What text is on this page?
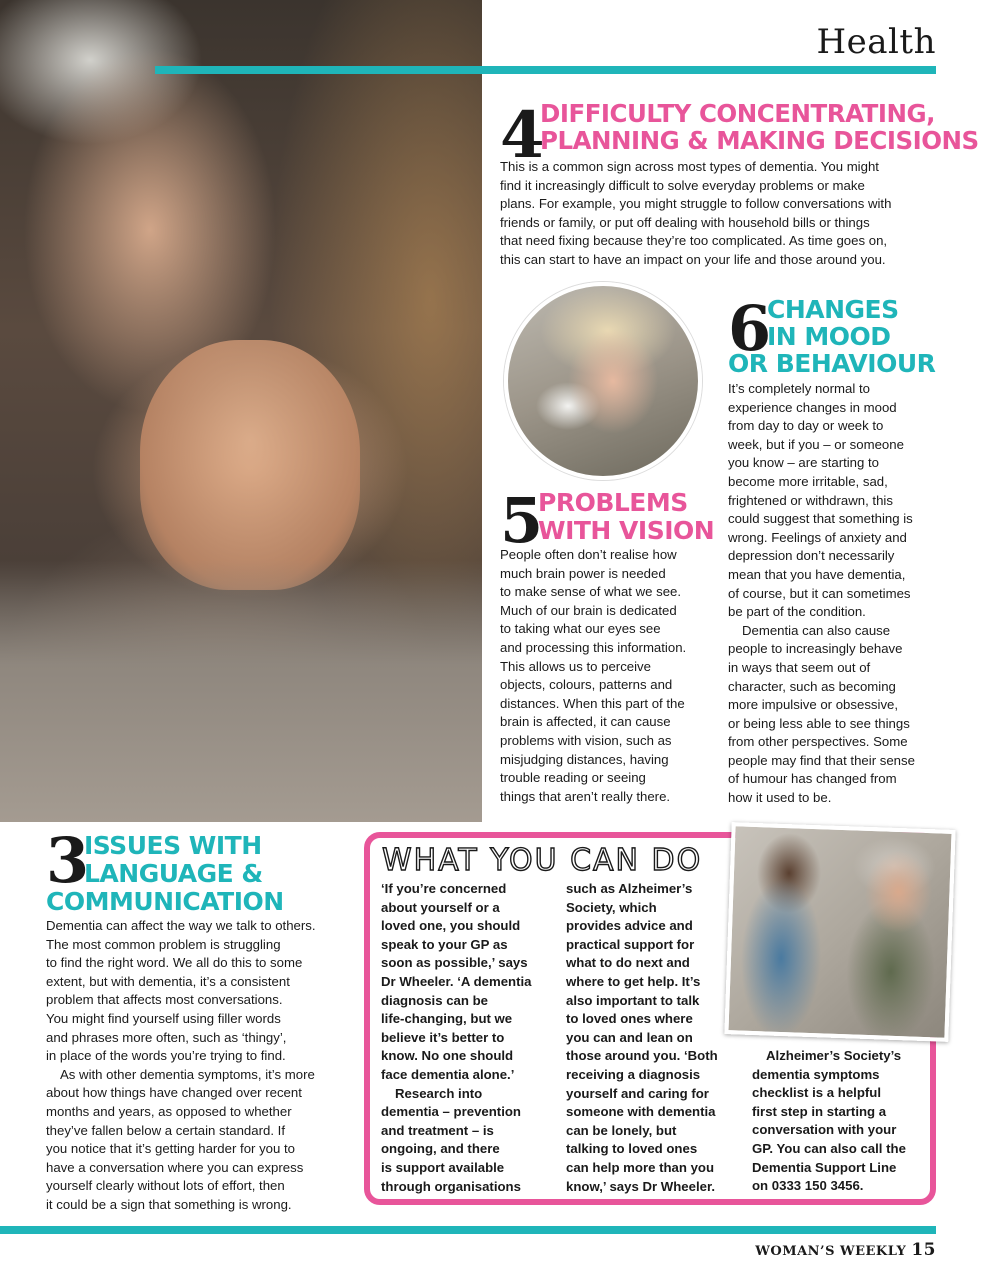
Health
4
DIFFICULTY CONCENTRATING,
PLANNING & MAKING DECISIONS
This is a common sign across most types of dementia. You might
find it increasingly difficult to solve everyday problems or make
plans. For example, you might struggle to follow conversations with
friends or family, or put off dealing with household bills or things
that need fixing because they’re too complicated. As time goes on,
this can start to have an impact on your life and those around you.
5
PROBLEMS
WITH VISION
People often don’t realise how
much brain power is needed
to make sense of what we see.
Much of our brain is dedicated
to taking what our eyes see
and processing this information.
This allows us to perceive
objects, colours, patterns and
distances. When this part of the
brain is affected, it can cause
problems with vision, such as
misjudging distances, having
trouble reading or seeing
things that aren’t really there.
6
CHANGES
IN MOOD
OR BEHAVIOUR
It’s completely normal to
experience changes in mood
from day to day or week to
week, but if you – or someone
you know – are starting to
become more irritable, sad,
frightened or withdrawn, this
could suggest that something is
wrong. Feelings of anxiety and
depression don’t necessarily
mean that you have dementia,
of course, but it can sometimes
be part of the condition.
Dementia can also cause
people to increasingly behave
in ways that seem out of
character, such as becoming
more impulsive or obsessive,
or being less able to see things
from other perspectives. Some
people may find that their sense
of humour has changed from
how it used to be.
3
ISSUES WITH
LANGUAGE &
COMMUNICATION
Dementia can affect the way we talk to others.
The most common problem is struggling
to find the right word. We all do this to some
extent, but with dementia, it’s a consistent
problem that affects most conversations.
You might find yourself using filler words
and phrases more often, such as ‘thingy’,
in place of the words you’re trying to find.
As with other dementia symptoms, it’s more
about how things have changed over recent
months and years, as opposed to whether
they’ve fallen below a certain standard. If
you notice that it’s getting harder for you to
have a conversation where you can express
yourself clearly without lots of effort, then
it could be a sign that something is wrong.
WHAT YOU CAN DO
‘If you’re concerned
about yourself or a
loved one, you should
speak to your GP as
soon as possible,’ says
Dr Wheeler. ‘A dementia
diagnosis can be
life-changing, but we
believe it’s better to
know. No one should
face dementia alone.’
Research into
dementia – prevention
and treatment – is
ongoing, and there
is support available
through organisations
such as Alzheimer’s
Society, which
provides advice and
practical support for
what to do next and
where to get help. It’s
also important to talk
to loved ones where
you can and lean on
those around you. ‘Both
receiving a diagnosis
yourself and caring for
someone with dementia
can be lonely, but
talking to loved ones
can help more than you
know,’ says Dr Wheeler.
Alzheimer’s Society’s
dementia symptoms
checklist is a helpful
first step in starting a
conversation with your
GP. You can also call the
Dementia Support Line
on 0333 150 3456.
WOMAN’S WEEKLY 15
